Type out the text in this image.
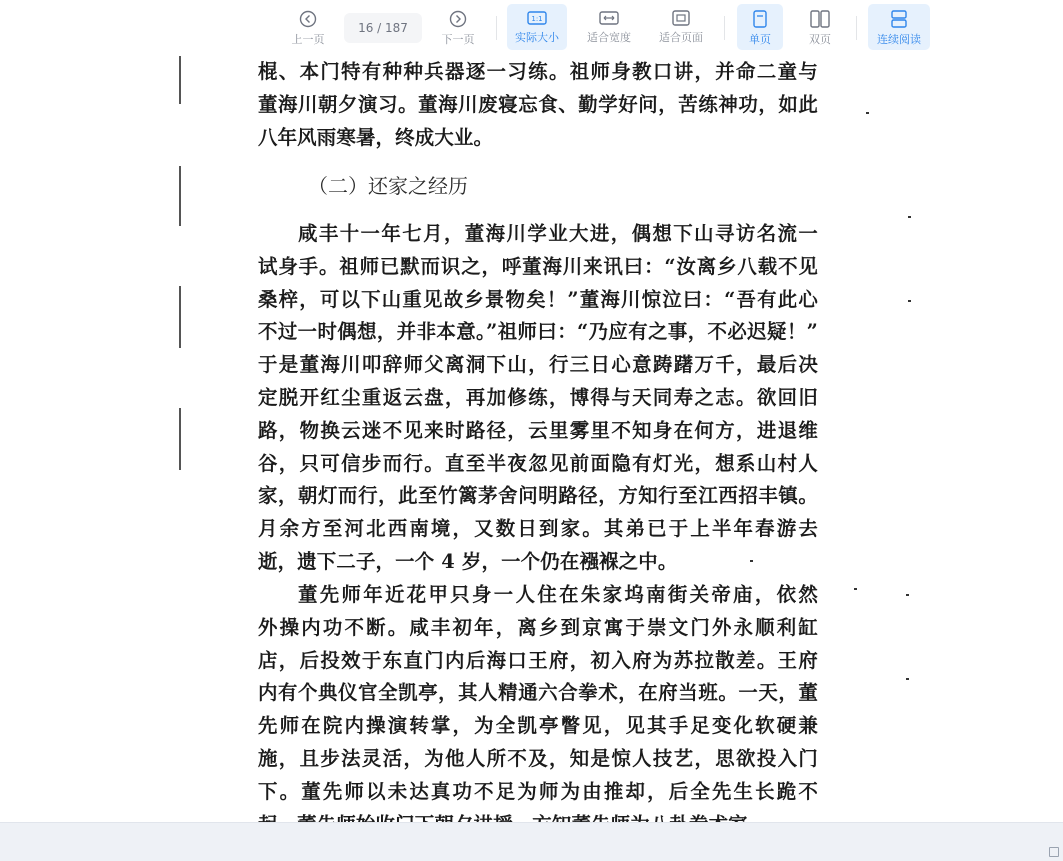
上一页
16 / 187
下一页
1:1
实际大小	适合宽度	适合页面	单页	双页	连续阅读
棍、本门特有种种兵器逐一习练。祖师身教口讲，并命二童与
董海川朝夕演习。董海川废寝忘食、勤学好问，苦练神功，如此
八年风雨寒暑，终成大业。
（二）还家之经历
咸丰十一年七月，董海川学业大进，偶想下山寻访名流一
试身手。祖师已默而识之，呼董海川来讯曰：“汝离乡八载不见
桑梓，可以下山重见故乡景物矣！”董海川惊泣曰：“吾有此心
不过一时偶想，并非本意。”祖师曰：“乃应有之事，不必迟疑！”
于是董海川叩辞师父离洞下山，行三日心意踌躇万千，最后决
定脱开红尘重返云盘，再加修练，博得与天同寿之志。欲回旧
路，物换云迷不见来时路径，云里雾里不知身在何方，进退维
谷，只可信步而行。直至半夜忽见前面隐有灯光，想系山村人
家，朝灯而行，此至竹篱茅舍问明路径，方知行至江西招丰镇。
月余方至河北西南境，又数日到家。其弟已于上半年春游去
逝，遗下二子，一个 4 岁，一个仍在襁褓之中。
董先师年近花甲只身一人住在朱家坞南街关帝庙，依然
外操内功不断。咸丰初年，离乡到京寓于崇文门外永顺利缸
店，后投效于东直门内后海口王府，初入府为苏拉散差。王府
内有个典仪官全凯亭，其人精通六合拳术，在府当班。一天，董
先师在院内操演转掌，为全凯亭瞥见，见其手足变化软硬兼
施，且步法灵活，为他人所不及，知是惊人技艺，思欲投入门
下。董先师以未达真功不足为师为由推却，后全先生长跪不
